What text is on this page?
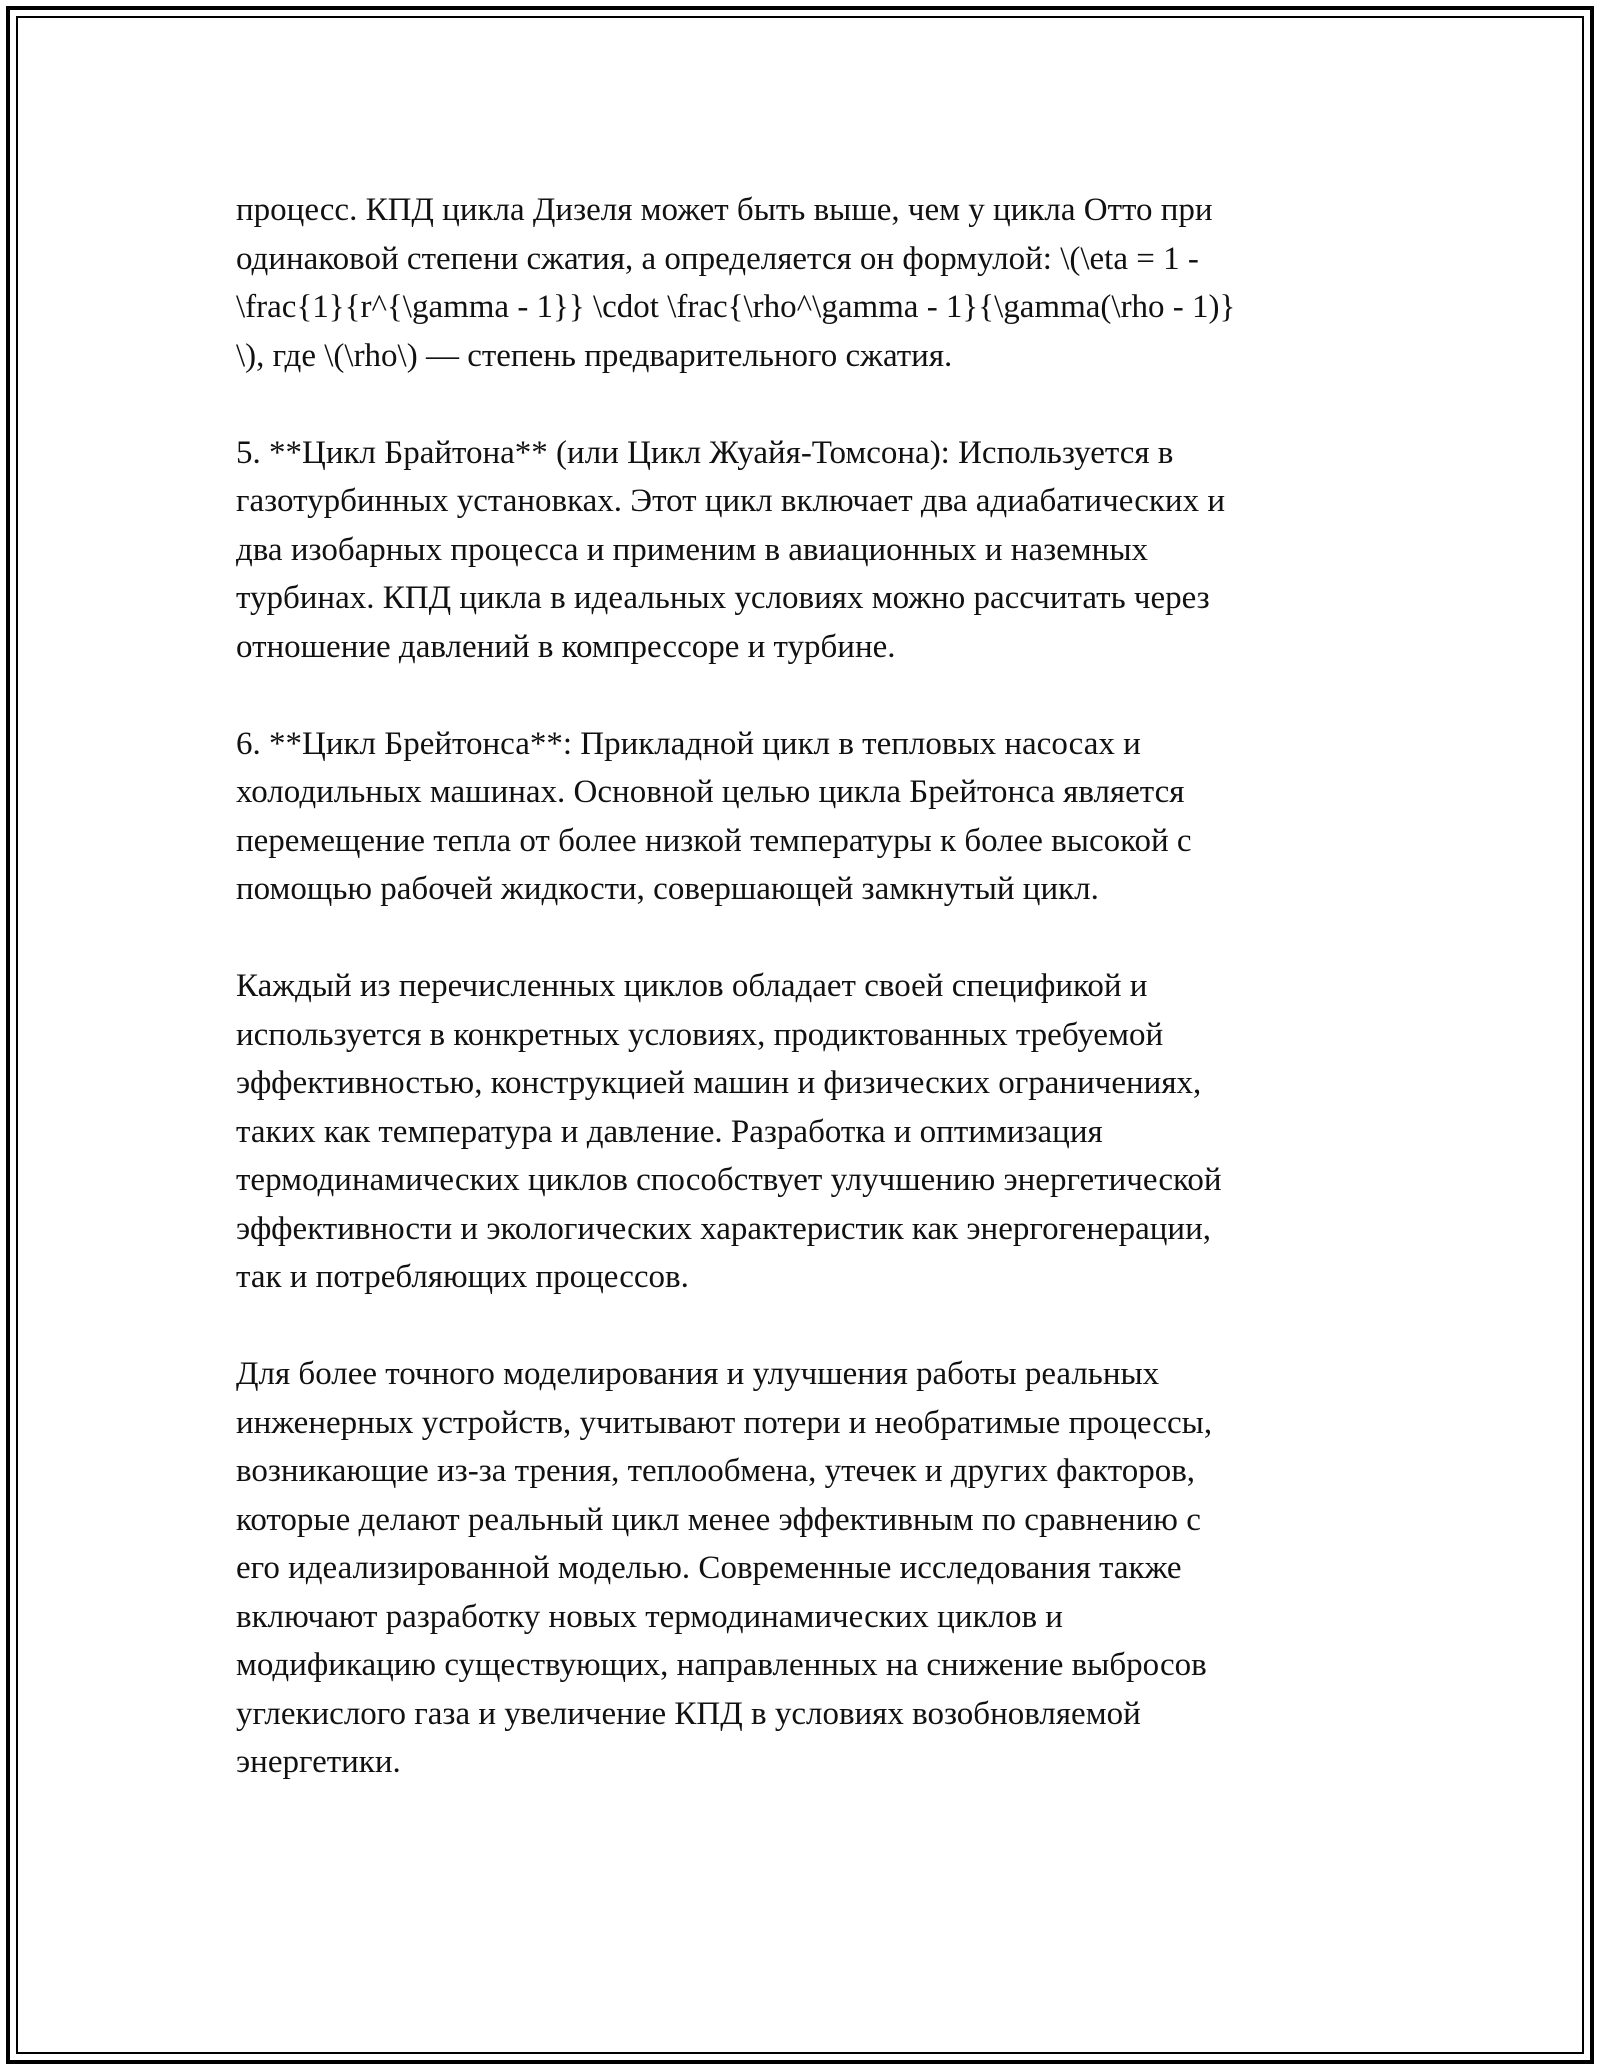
процесс. КПД цикла Дизеля может быть выше, чем у цикла Отто при
одинаковой степени сжатия, а определяется он формулой: \(\eta = 1 -
\frac{1}{r^{\gamma - 1}} \cdot \frac{\rho^\gamma - 1}{\gamma(\rho - 1)}
\), где \(\rho\) — степень предварительного сжатия.

5. **Цикл Брайтона** (или Цикл Жуайя-Томсона): Используется в
газотурбинных установках. Этот цикл включает два адиабатических и
два изобарных процесса и применим в авиационных и наземных
турбинах. КПД цикла в идеальных условиях можно рассчитать через
отношение давлений в компрессоре и турбине.

6. **Цикл Брейтонса**: Прикладной цикл в тепловых насосах и
холодильных машинах. Основной целью цикла Брейтонса является
перемещение тепла от более низкой температуры к более высокой с
помощью рабочей жидкости, совершающей замкнутый цикл.

Каждый из перечисленных циклов обладает своей спецификой и
используется в конкретных условиях, продиктованных требуемой
эффективностью, конструкцией машин и физических ограничениях,
таких как температура и давление. Разработка и оптимизация
термодинамических циклов способствует улучшению энергетической
эффективности и экологических характеристик как энергогенерации,
так и потребляющих процессов.

Для более точного моделирования и улучшения работы реальных
инженерных устройств, учитывают потери и необратимые процессы,
возникающие из-за трения, теплообмена, утечек и других факторов,
которые делают реальный цикл менее эффективным по сравнению с
его идеализированной моделью. Современные исследования также
включают разработку новых термодинамических циклов и
модификацию существующих, направленных на снижение выбросов
углекислого газа и увеличение КПД в условиях возобновляемой
энергетики.
